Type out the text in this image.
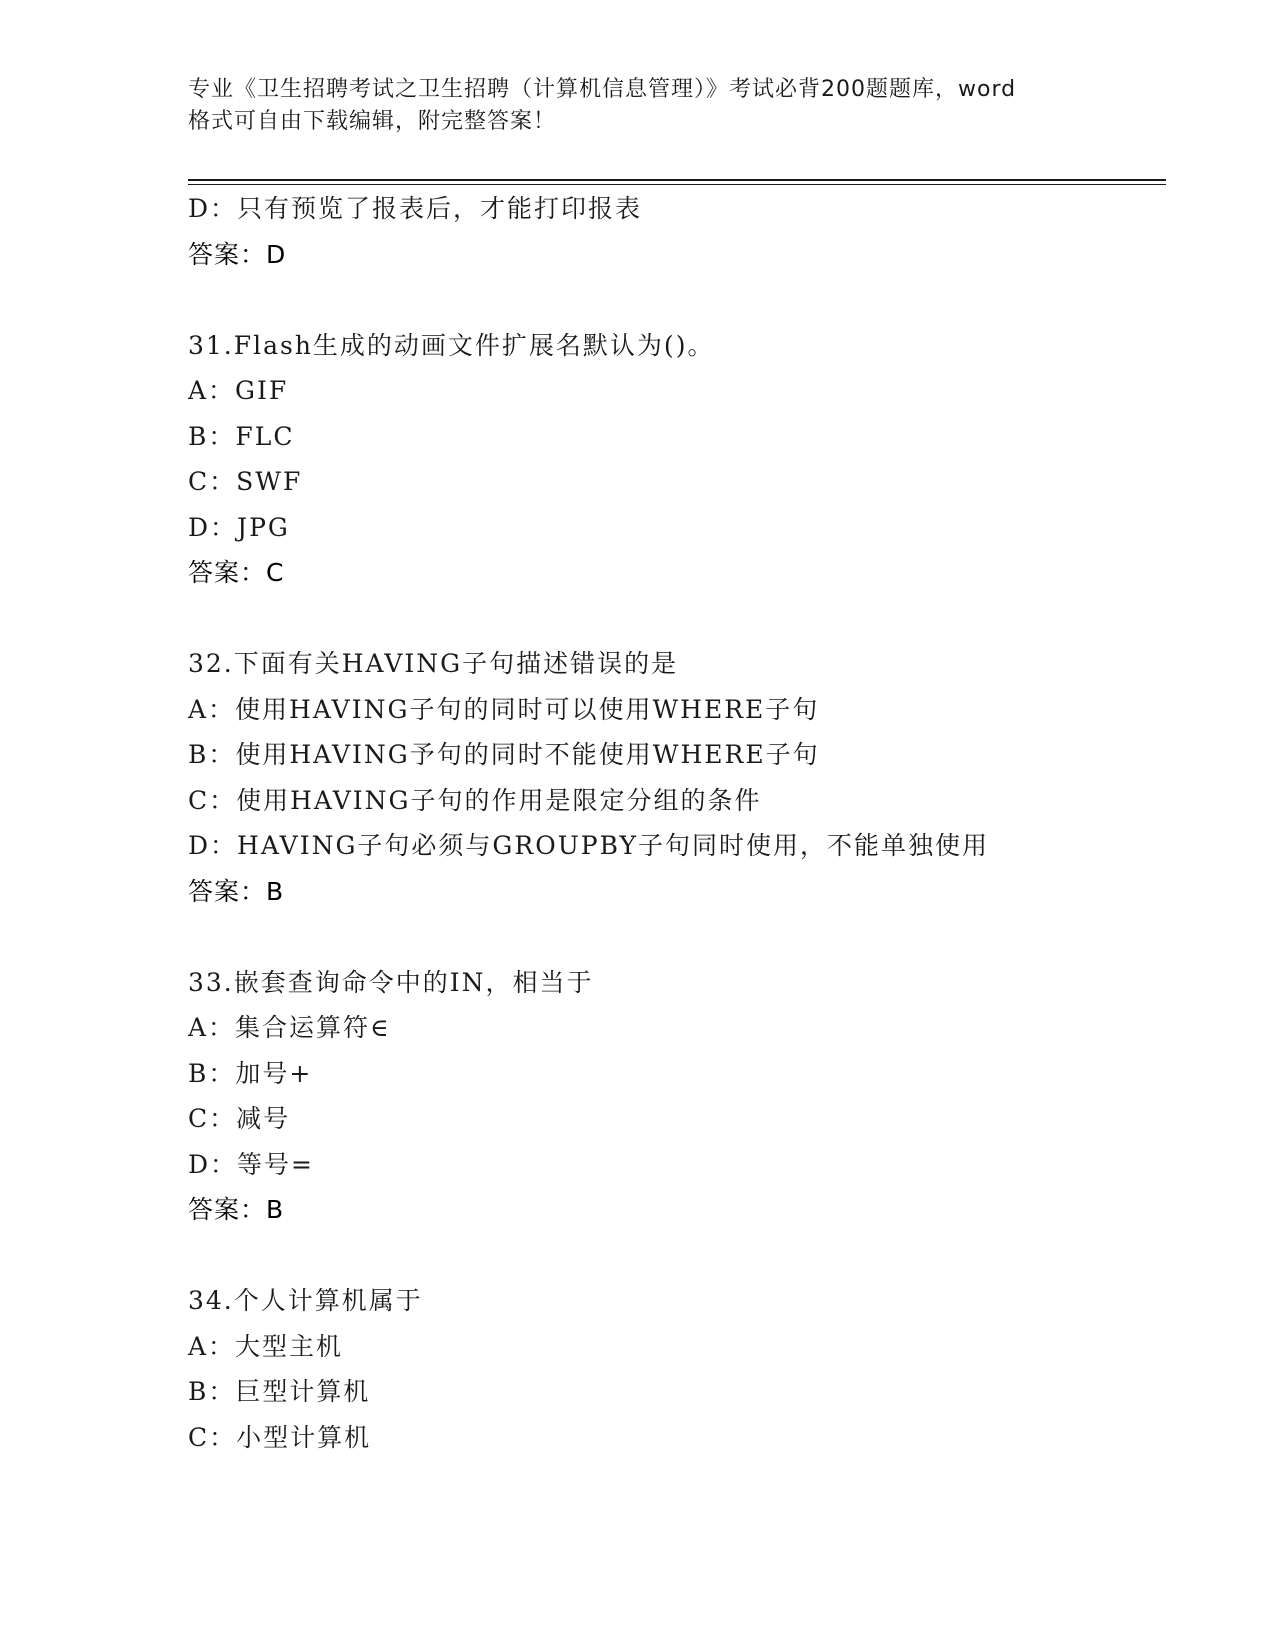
专业《卫生招聘考试之卫生招聘（计算机信息管理）》考试必背200题题库，word
格式可自由下载编辑，附完整答案！
D：只有预览了报表后，才能打印报表
答案：D
31.Flash生成的动画文件扩展名默认为()。
A：GIF
B：FLC
C：SWF
D：JPG
答案：C
32.下面有关HAVING子句描述错误的是
A：使用HAVING子句的同时可以使用WHERE子句
B：使用HAVING予句的同时不能使用WHERE子句
C：使用HAVING子句的作用是限定分组的条件
D：HAVING子句必须与GROUPBY子句同时使用，不能单独使用
答案：B
33.嵌套查询命令中的IN，相当于
A：集合运算符∈
B：加号+
C：减号
D：等号=
答案：B
34.个人计算机属于
A：大型主机
B：巨型计算机
C：小型计算机
